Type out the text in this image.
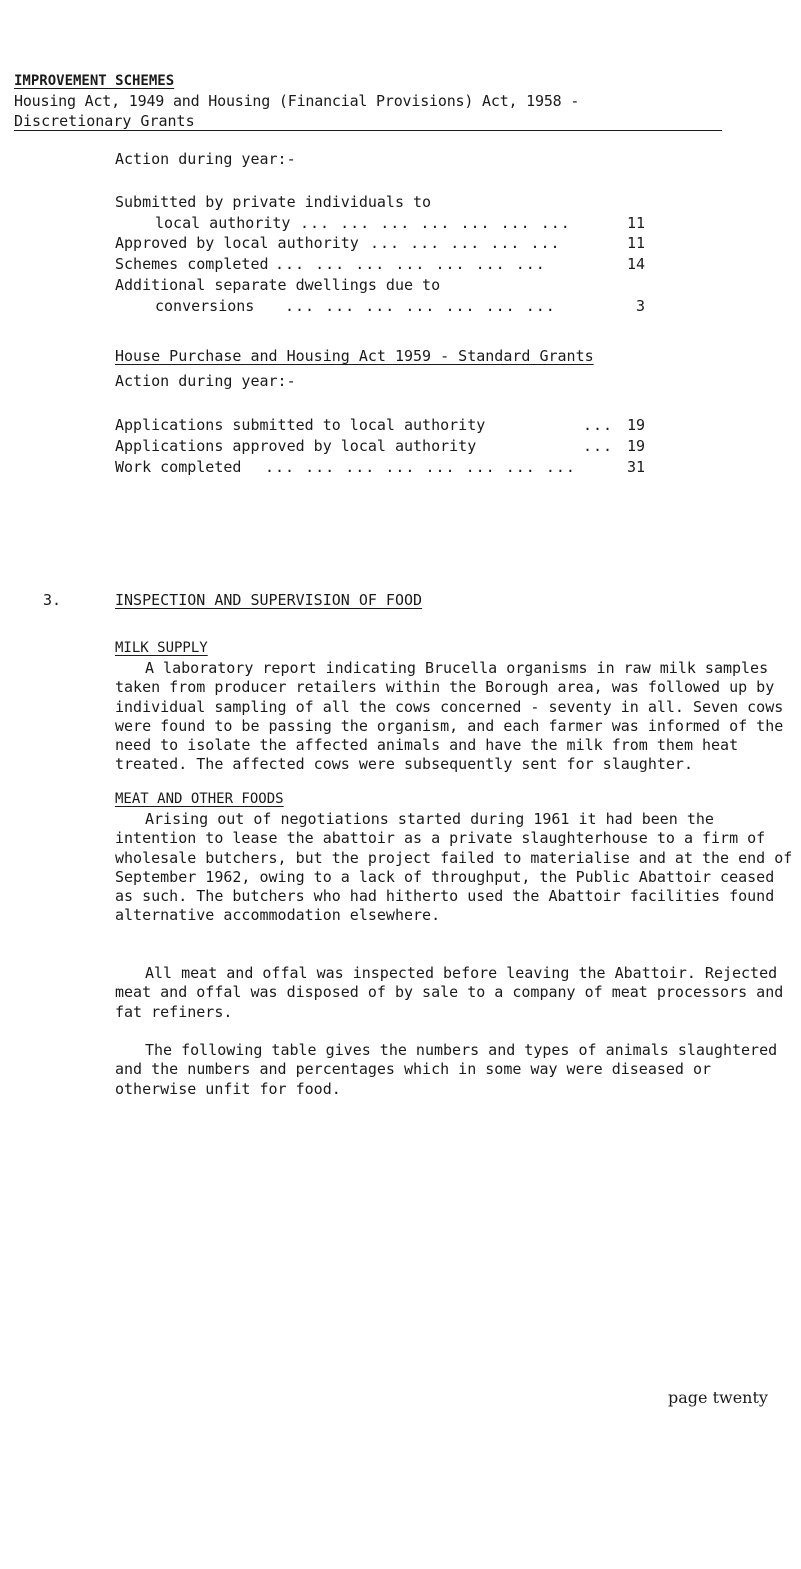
IMPROVEMENT SCHEMES
Housing Act, 1949 and Housing (Financial Provisions) Act, 1958 -
Discretionary Grants
Action during year:-
Submitted by private individuals to
local authority ... ... ... ... ... ... ...	11
Approved by local authority ... ... ... ... ...	11
Schemes completed ... ... ... ... ... ... ...	14
Additional separate dwellings due to
conversions ... ... ... ... ... ... ...	3
House Purchase and Housing Act 1959 - Standard Grants
Action during year:-
Applications submitted to local authority	... 19
Applications approved by local authority	... 19
Work completed ... ... ... ... ... ... ... ...	31
3.	INSPECTION AND SUPERVISION OF FOOD
MILK SUPPLY
A laboratory report indicating Brucella organisms in raw milk samples taken from producer retailers within the Borough area, was followed up by individual sampling of all the cows concerned - seventy in all. Seven cows were found to be passing the organism, and each farmer was informed of the need to isolate the affected animals and have the milk from them heat treated. The affected cows were subsequently sent for slaughter.
MEAT AND OTHER FOODS
Arising out of negotiations started during 1961 it had been the intention to lease the abattoir as a private slaughterhouse to a firm of wholesale butchers, but the project failed to materialise and at the end of September 1962, owing to a lack of throughput, the Public Abattoir ceased as such. The butchers who had hitherto used the Abattoir facilities found alternative accommodation elsewhere.
All meat and offal was inspected before leaving the Abattoir. Rejected meat and offal was disposed of by sale to a company of meat processors and fat refiners.
The following table gives the numbers and types of animals slaughtered and the numbers and percentages which in some way were diseased or otherwise unfit for food.
page twenty
